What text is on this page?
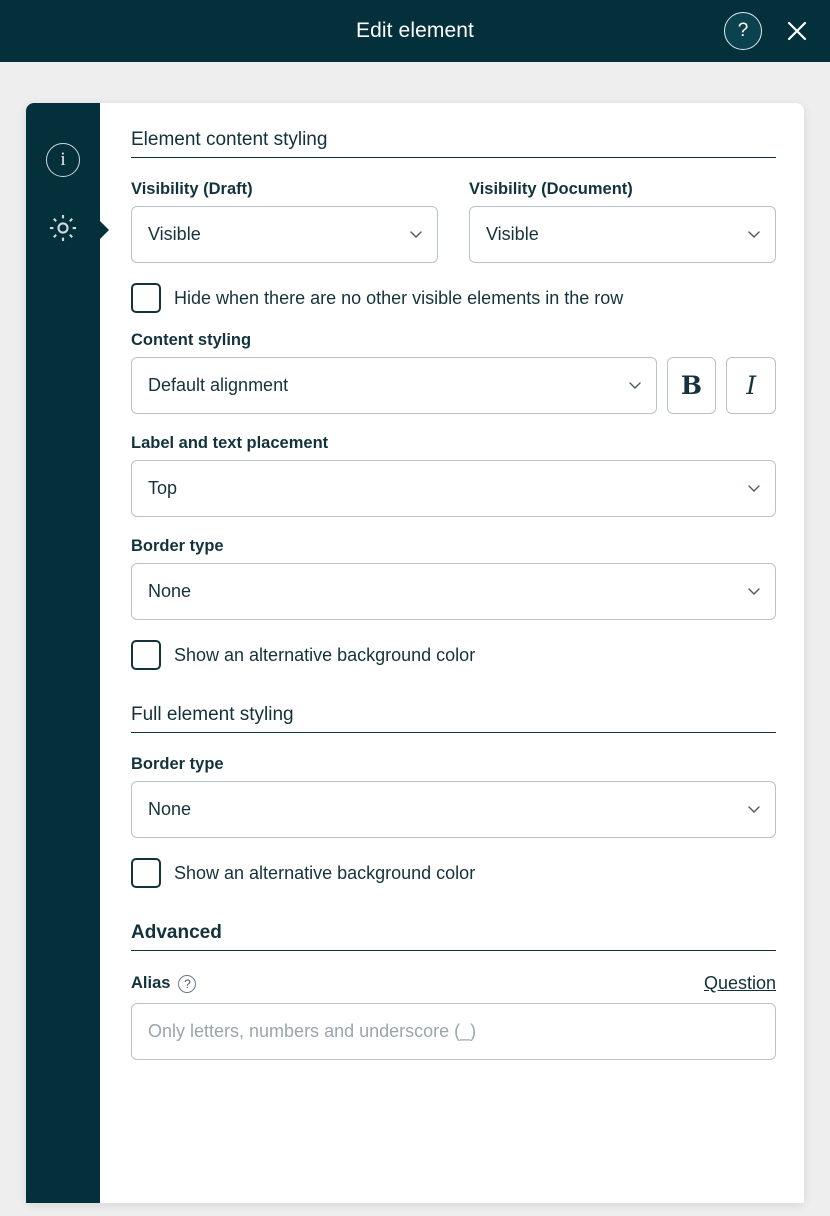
Edit element	?
i
Element content styling
Visibility (Draft)
Visible
Visibility (Document)
Visible
Hide when there are no other visible elements in the row
Content styling
Default alignment	B	I
Label and text placement
Top
Border type
None
Show an alternative background color
Full element styling
Border type
None
Show an alternative background color
Advanced
Alias	?	Question
Only letters, numbers and underscore (_)
